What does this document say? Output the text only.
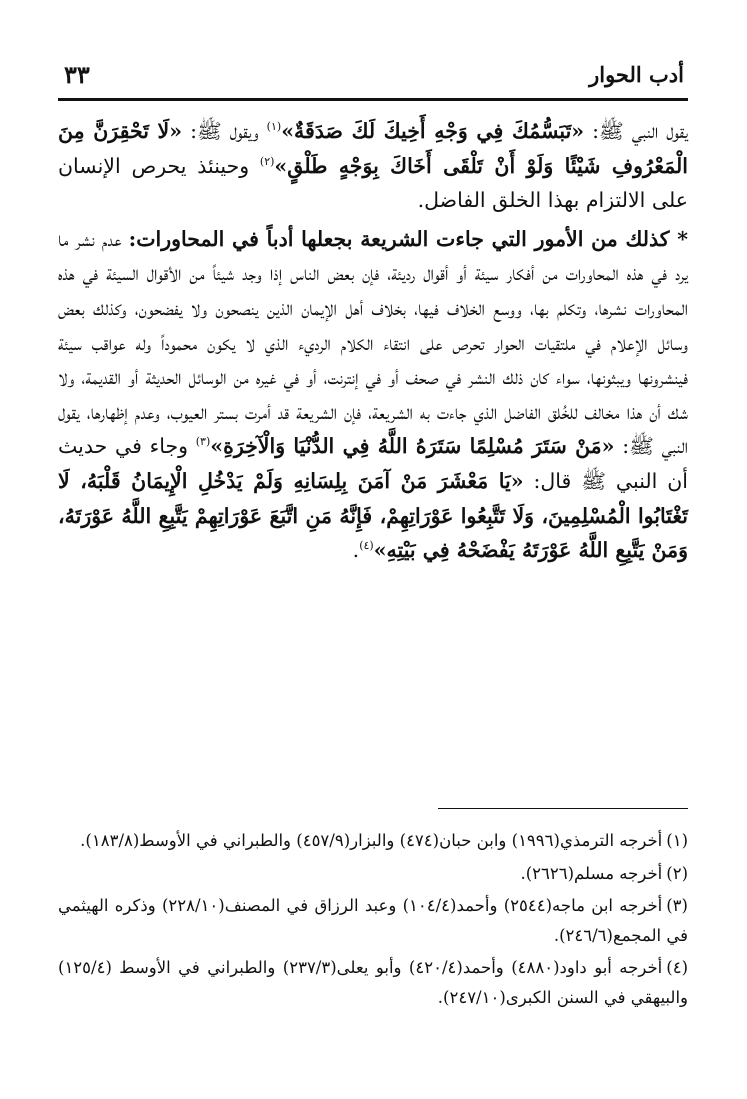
أدب الحوار
٣٣

يقول النبي ﷺ: «تَبَسُّمُكَ فِي وَجْهِ أَخِيكَ لَكَ صَدَقَةٌ»$^{(١)}$ ويقول ﷺ: «لَا تَحْقِرَنَّ مِنَ الْمَعْرُوفِ شَيْئًا وَلَوْ أَنْ تَلْقَى أَخَاكَ بِوَجْهٍ طَلْقٍ»$^{(٢)}$ وحينئذ يحرص الإنسان على الالتزام بهذا الخلق الفاضل.

* كذلك من الأمور التي جاءت الشريعة بجعلها أدباً في المحاورات: عدم نشر ما يرد في هذه المحاورات من أفكار سيئة أو أقوال رديئة، فإن بعض الناس إذا وجد شيئاً من الأقوال السيئة في هذه المحاورات نشرها، وتكلم بها، ووسع الخلاف فيها، بخلاف أهل الإيمان الذين ينصحون ولا يفضحون، وكذلك بعض وسائل الإعلام في ملتقيات الحوار تحرص على انتقاء الكلام الرديء الذي لا يكون محموداً وله عواقب سيئة فينشرونها ويبثونها، سواء كان ذلك النشر في صحف أو في إنترنت، أو في غيره من الوسائل الحديثة أو القديمة، ولا شك أن هذا مخالف للخُلق الفاضل الذي جاءت به الشريعة، فإن الشريعة قد أمرت بستر العيوب، وعدم إظهارها، يقول النبي ﷺ: «مَنْ سَتَرَ مُسْلِمًا سَتَرَهُ اللَّهُ فِي الدُّنْيَا وَالْآخِرَةِ»$^{(٣)}$ وجاء في حديث أن النبي ﷺ قال: «يَا مَعْشَرَ مَنْ آمَنَ بِلِسَانِهِ وَلَمْ يَدْخُلِ الْإِيمَانُ قَلْبَهُ، لَا تَغْتَابُوا الْمُسْلِمِينَ، وَلَا تَتَّبِعُوا عَوْرَاتِهِمْ، فَإِنَّهُ مَنِ اتَّبَعَ عَوْرَاتِهِمْ يَتَّبِعِ اللَّهُ عَوْرَتَهُ، وَمَنْ يَتَّبِعِ اللَّهُ عَوْرَتَهُ يَفْضَحْهُ فِي بَيْتِهِ»$^{(٤)}$.

(١)أخرجه الترمذي(١٩٩٦) وابن حبان(٤٧٤) والبزار(٤٥٧/٩) والطبراني في الأوسط(١٨٣/٨).

(٢)أخرجه مسلم(٢٦٢٦).

(٣)أخرجه ابن ماجه(٢٥٤٤) وأحمد(١٠٤/٤) وعبد الرزاق في المصنف(٢٢٨/١٠) وذكره الهيثمي في المجمع(٢٤٦/٦).

(٤)أخرجه أبو داود(٤٨٨٠) وأحمد(٤٢٠/٤) وأبو يعلى(٢٣٧/٣) والطبراني في الأوسط (١٢٥/٤) والبيهقي في السنن الكبرى(٢٤٧/١٠).
